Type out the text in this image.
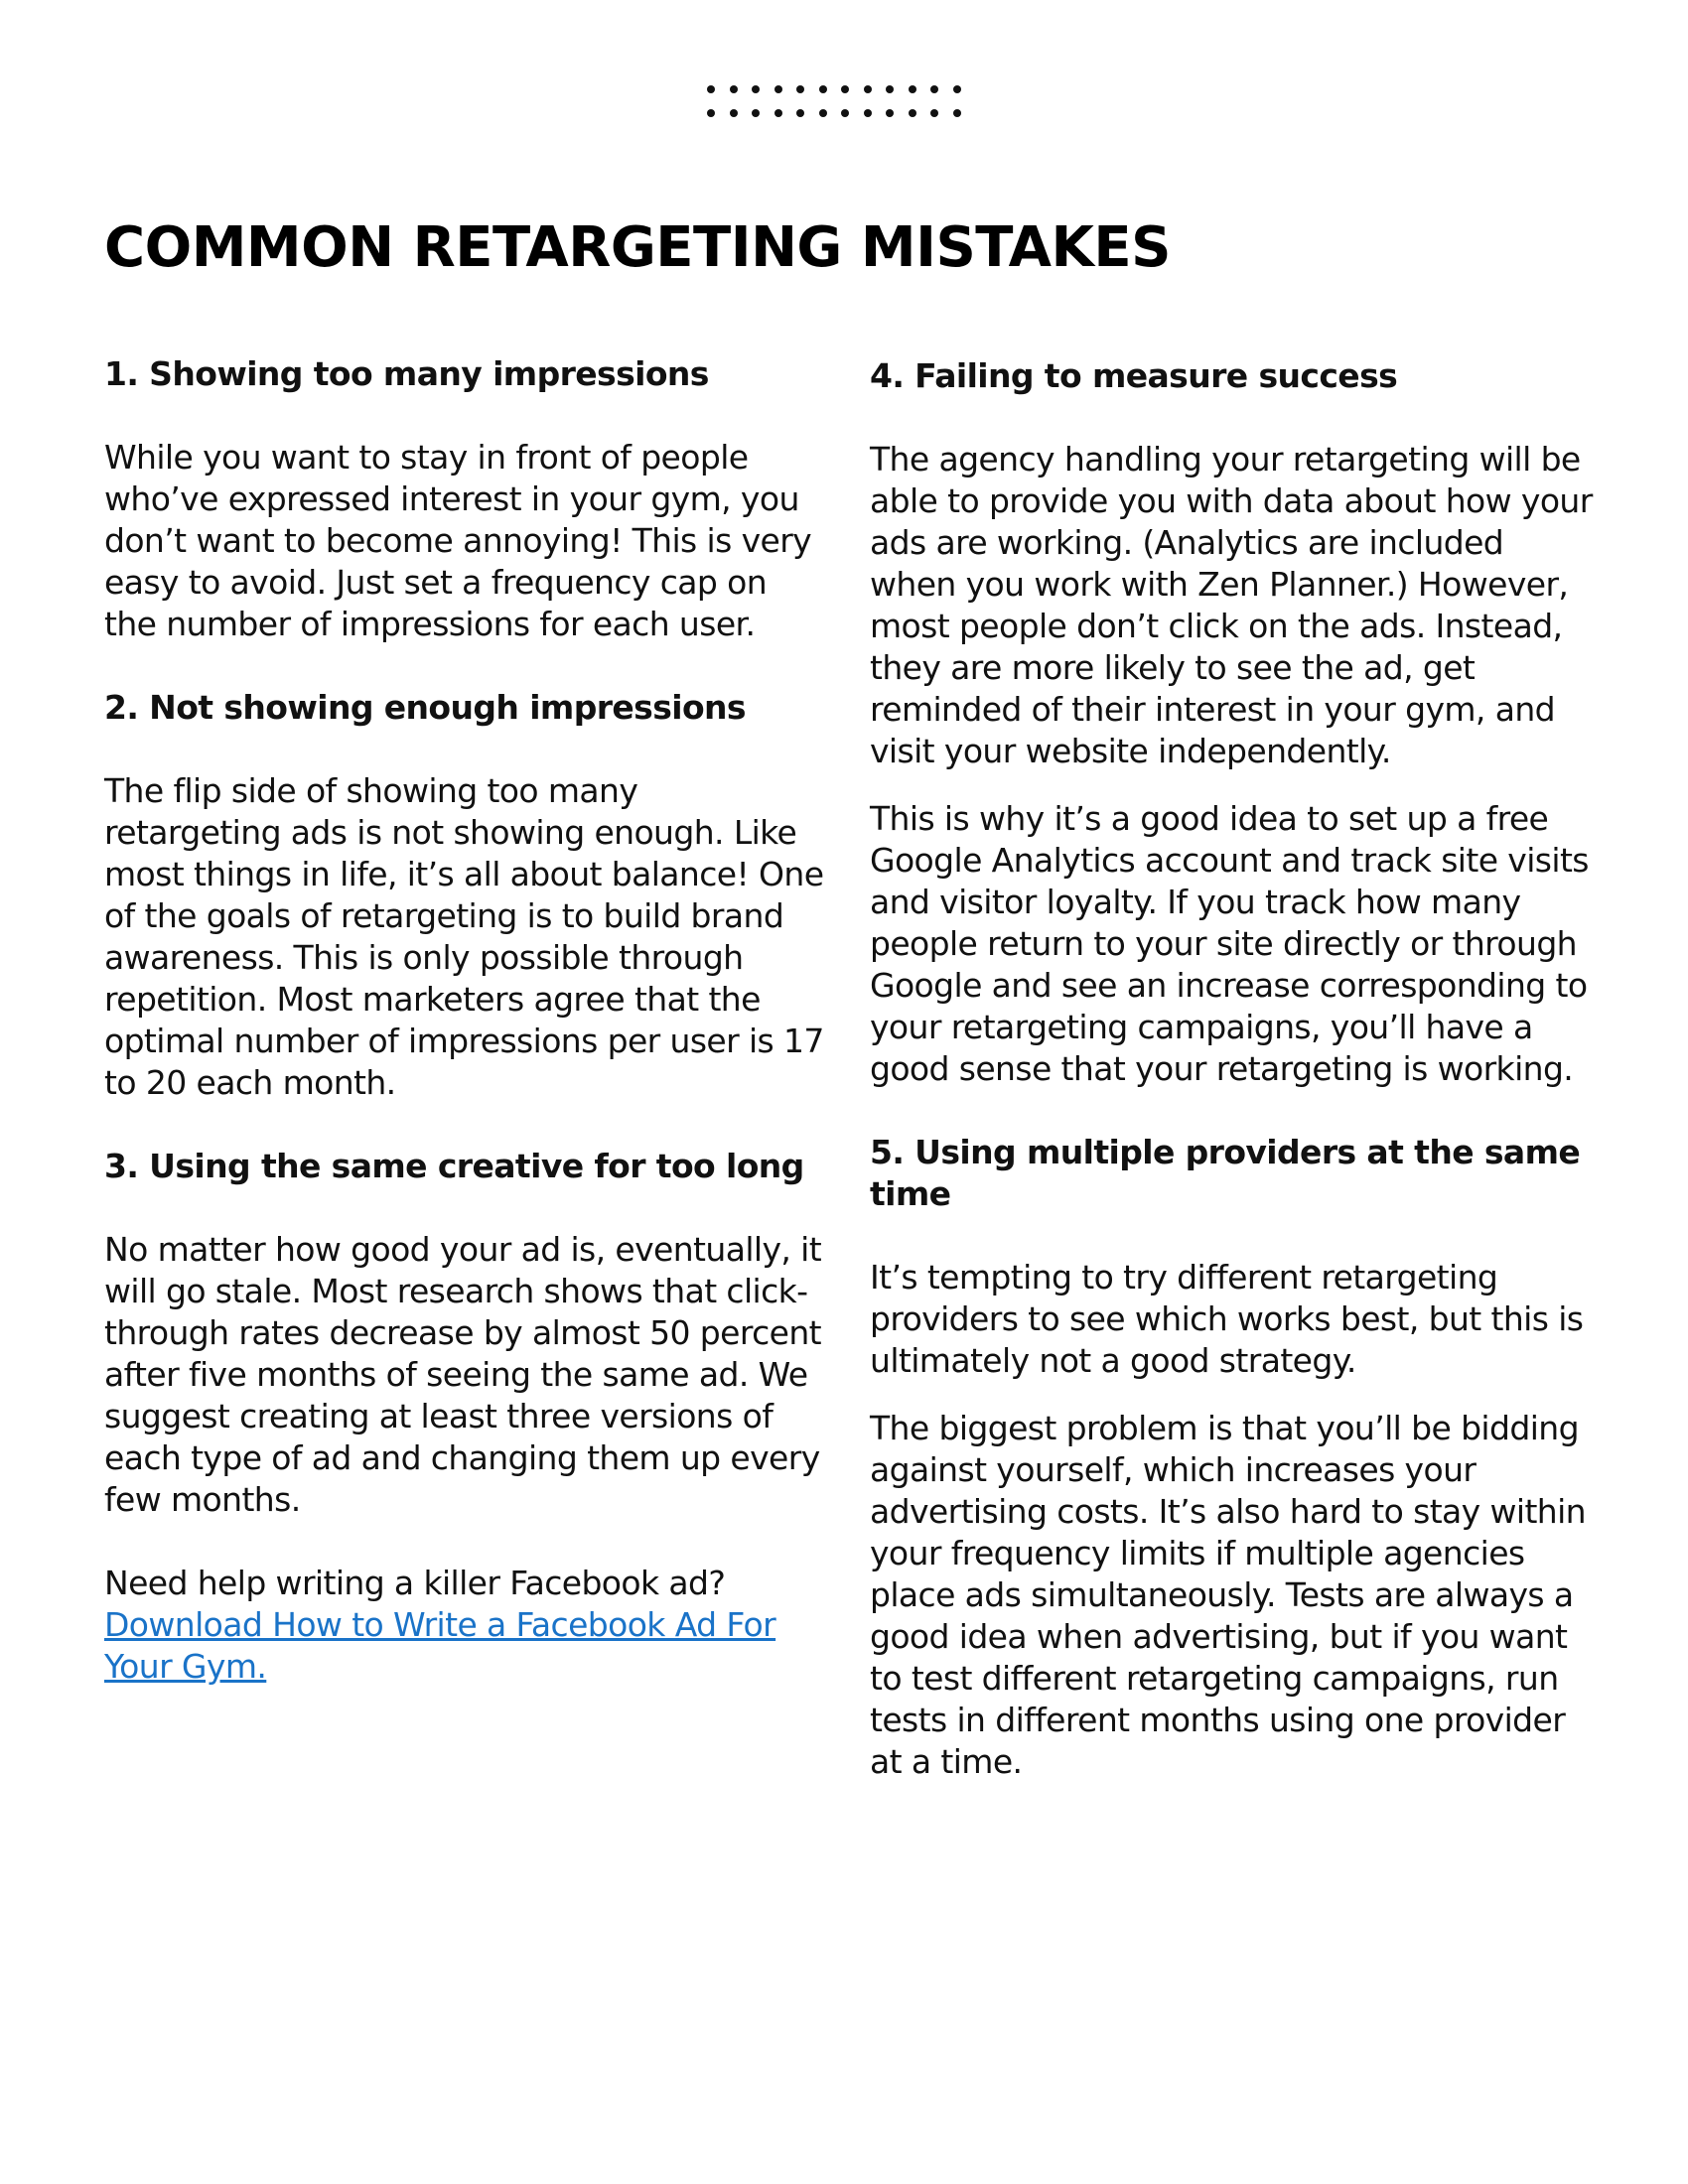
COMMON RETARGETING MISTAKES

1. Showing too many impressions

While you want to stay in front of people who’ve expressed interest in your gym, you don’t want to become annoying! This is very easy to avoid. Just set a frequency cap on the number of impressions for each user.

2. Not showing enough impressions

The flip side of showing too many retargeting ads is not showing enough. Like most things in life, it’s all about balance! One of the goals of retargeting is to build brand awareness. This is only possible through repetition. Most marketers agree that the optimal number of impressions per user is 17 to 20 each month.

3. Using the same creative for too long

No matter how good your ad is, eventually, it will go stale. Most research shows that click-through rates decrease by almost 50 percent after five months of seeing the same ad. We suggest creating at least three versions of each type of ad and changing them up every few months.

Need help writing a killer Facebook ad? Download How to Write a Facebook Ad For Your Gym.

4. Failing to measure success

The agency handling your retargeting will be able to provide you with data about how your ads are working. (Analytics are included when you work with Zen Planner.) However, most people don’t click on the ads. Instead, they are more likely to see the ad, get reminded of their interest in your gym, and visit your website independently.

This is why it’s a good idea to set up a free Google Analytics account and track site visits and visitor loyalty. If you track how many people return to your site directly or through Google and see an increase corresponding to your retargeting campaigns, you’ll have a good sense that your retargeting is working.

5. Using multiple providers at the same time

It’s tempting to try different retargeting providers to see which works best, but this is ultimately not a good strategy.

The biggest problem is that you’ll be bidding against yourself, which increases your advertising costs. It’s also hard to stay within your frequency limits if multiple agencies place ads simultaneously. Tests are always a good idea when advertising, but if you want to test different retargeting campaigns, run tests in different months using one provider at a time.
